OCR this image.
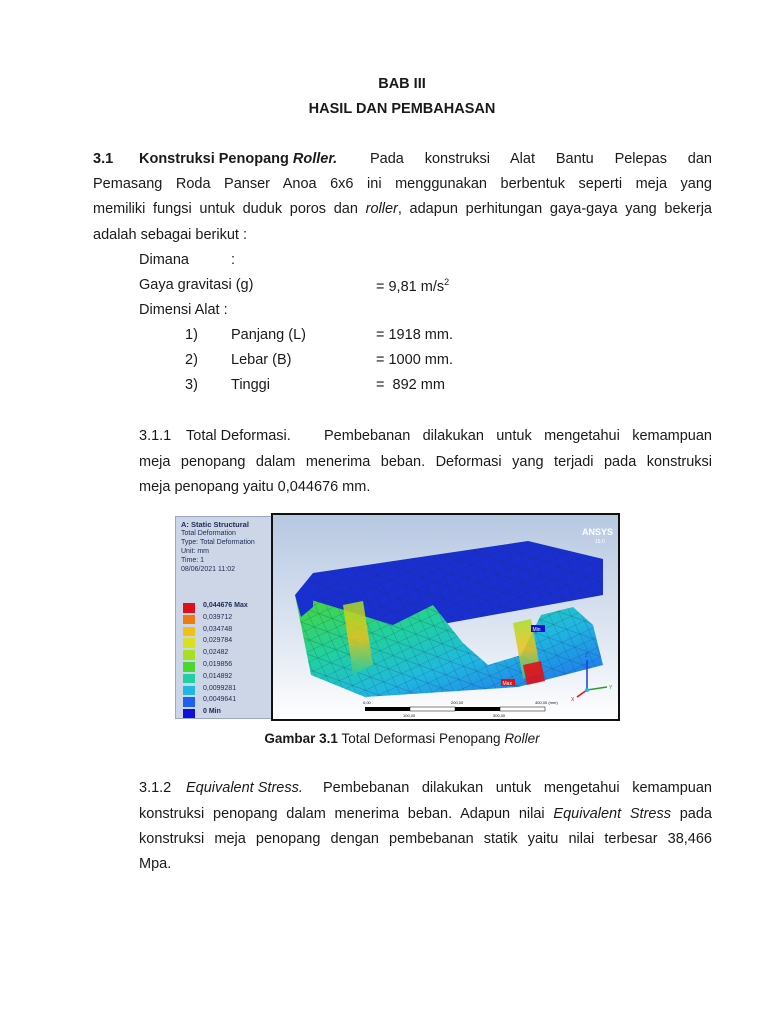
BAB III
HASIL DAN PEMBAHASAN
3.1 Konstruksi Penopang Roller. Pada konstruksi Alat Bantu Pelepas dan
Pemasang Roda Panser Anoa 6x6 ini menggunakan berbentuk seperti meja yang
memiliki fungsi untuk duduk poros dan roller, adapun perhitungan gaya-gaya yang bekerja
adalah sebagai berikut :
Dimana	:
Gaya gravitasi (g)	= 9,81 $m/s^2$
Dimensi Alat :
1) Panjang (L)	= 1918 mm.
2) Lebar (B)	= 1000 mm.
3) Tinggi	=  892 mm
3.1.1 Total Deformasi. Pembebanan dilakukan untuk mengetahui kemampuan
meja penopang dalam menerima beban. Deformasi yang terjadi pada konstruksi
meja penopang yaitu 0,044676 mm.
A: Static Structural
Total Deformation
Type: Total Deformation
Unit: mm
Time: 1
08/06/2021 11:02
0,044676 Max
0,039712
0,034748
0,029784
0,02482
0,019856
0,014892
0,0099281
0,0049641
0 Min
Max
Min
ANSYS
15.0
0,00	200,00	400,00 (mm)
100,00	300,00
Z
Y
X
Gambar 3.1 Total Deformasi Penopang Roller
3.1.2 Equivalent Stress. Pembebanan dilakukan untuk mengetahui kemampuan
konstruksi penopang dalam menerima beban. Adapun nilai Equivalent Stress pada
konstruksi meja penopang dengan pembebanan statik yaitu nilai terbesar 38,466
Mpa.
